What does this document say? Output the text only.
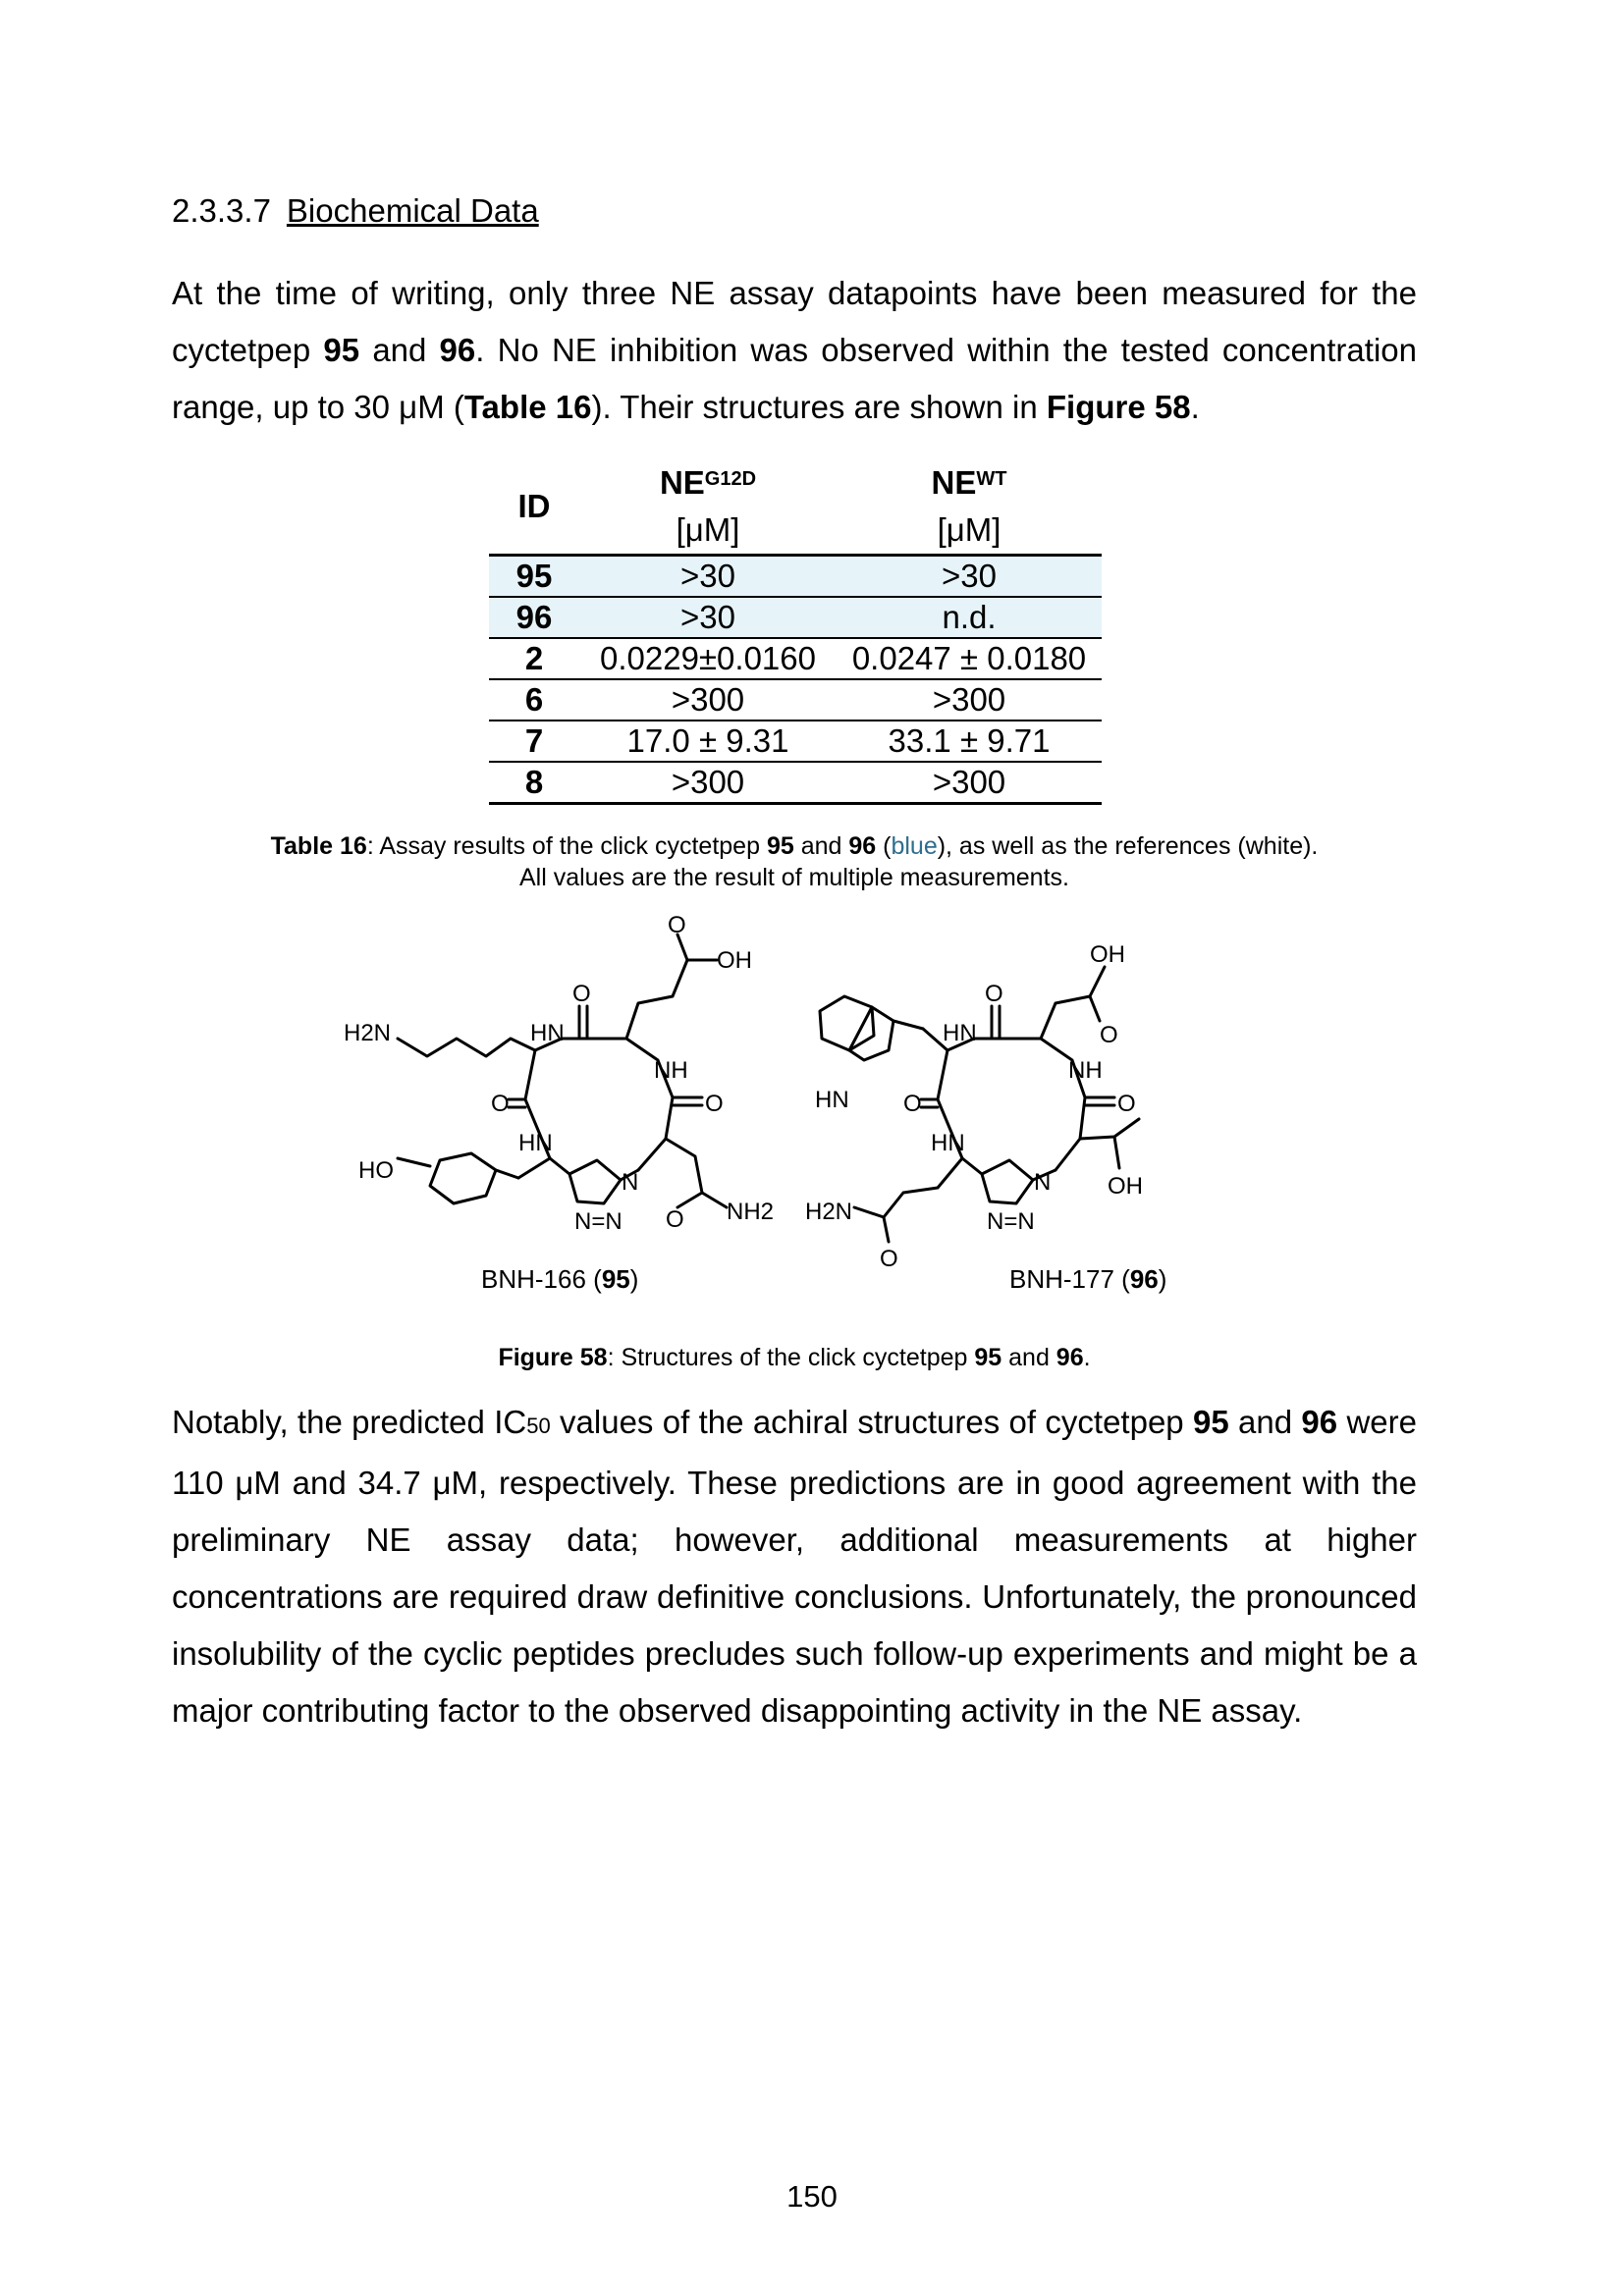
2.3.3.7 Biochemical Data
At the time of writing, only three NE assay datapoints have been measured for the cyctetpep 95 and 96. No NE inhibition was observed within the tested concentration range, up to 30 μM (Table 16). Their structures are shown in Figure 58.
ID	$NE^{G12D}$	$NE^{WT}$
	[μM]	[μM]
95	>30	>30
96	>30	n.d.
2	0.0229±0.0160	0.0247 ± 0.0180
6	>300	>300
7	17.0 ± 9.31	33.1 ± 9.71
8	>300	>300
Table 16: Assay results of the click cyctetpep 95 and 96 (blue), as well as the references (white).
All values are the result of multiple measurements.
H2N	HN
O
O
OH
NH
O
O
HN
HO	N
N=N O NH2
HN
HN
O
OH
O
NH
O
O
HN
N
N=N
OH
H2N
O
BNH-166 (95)	BNH-177 (96)
Figure 58: Structures of the click cyctetpep 95 and 96.
Notably, the predicted IC50 values of the achiral structures of cyctetpep 95 and 96 were 110 μM and 34.7 μM, respectively. These predictions are in good agreement with the preliminary NE assay data; however, additional measurements at higher concentrations are required draw definitive conclusions. Unfortunately, the pronounced insolubility of the cyclic peptides precludes such follow-up experiments and might be a major contributing factor to the observed disappointing activity in the NE assay.
150
